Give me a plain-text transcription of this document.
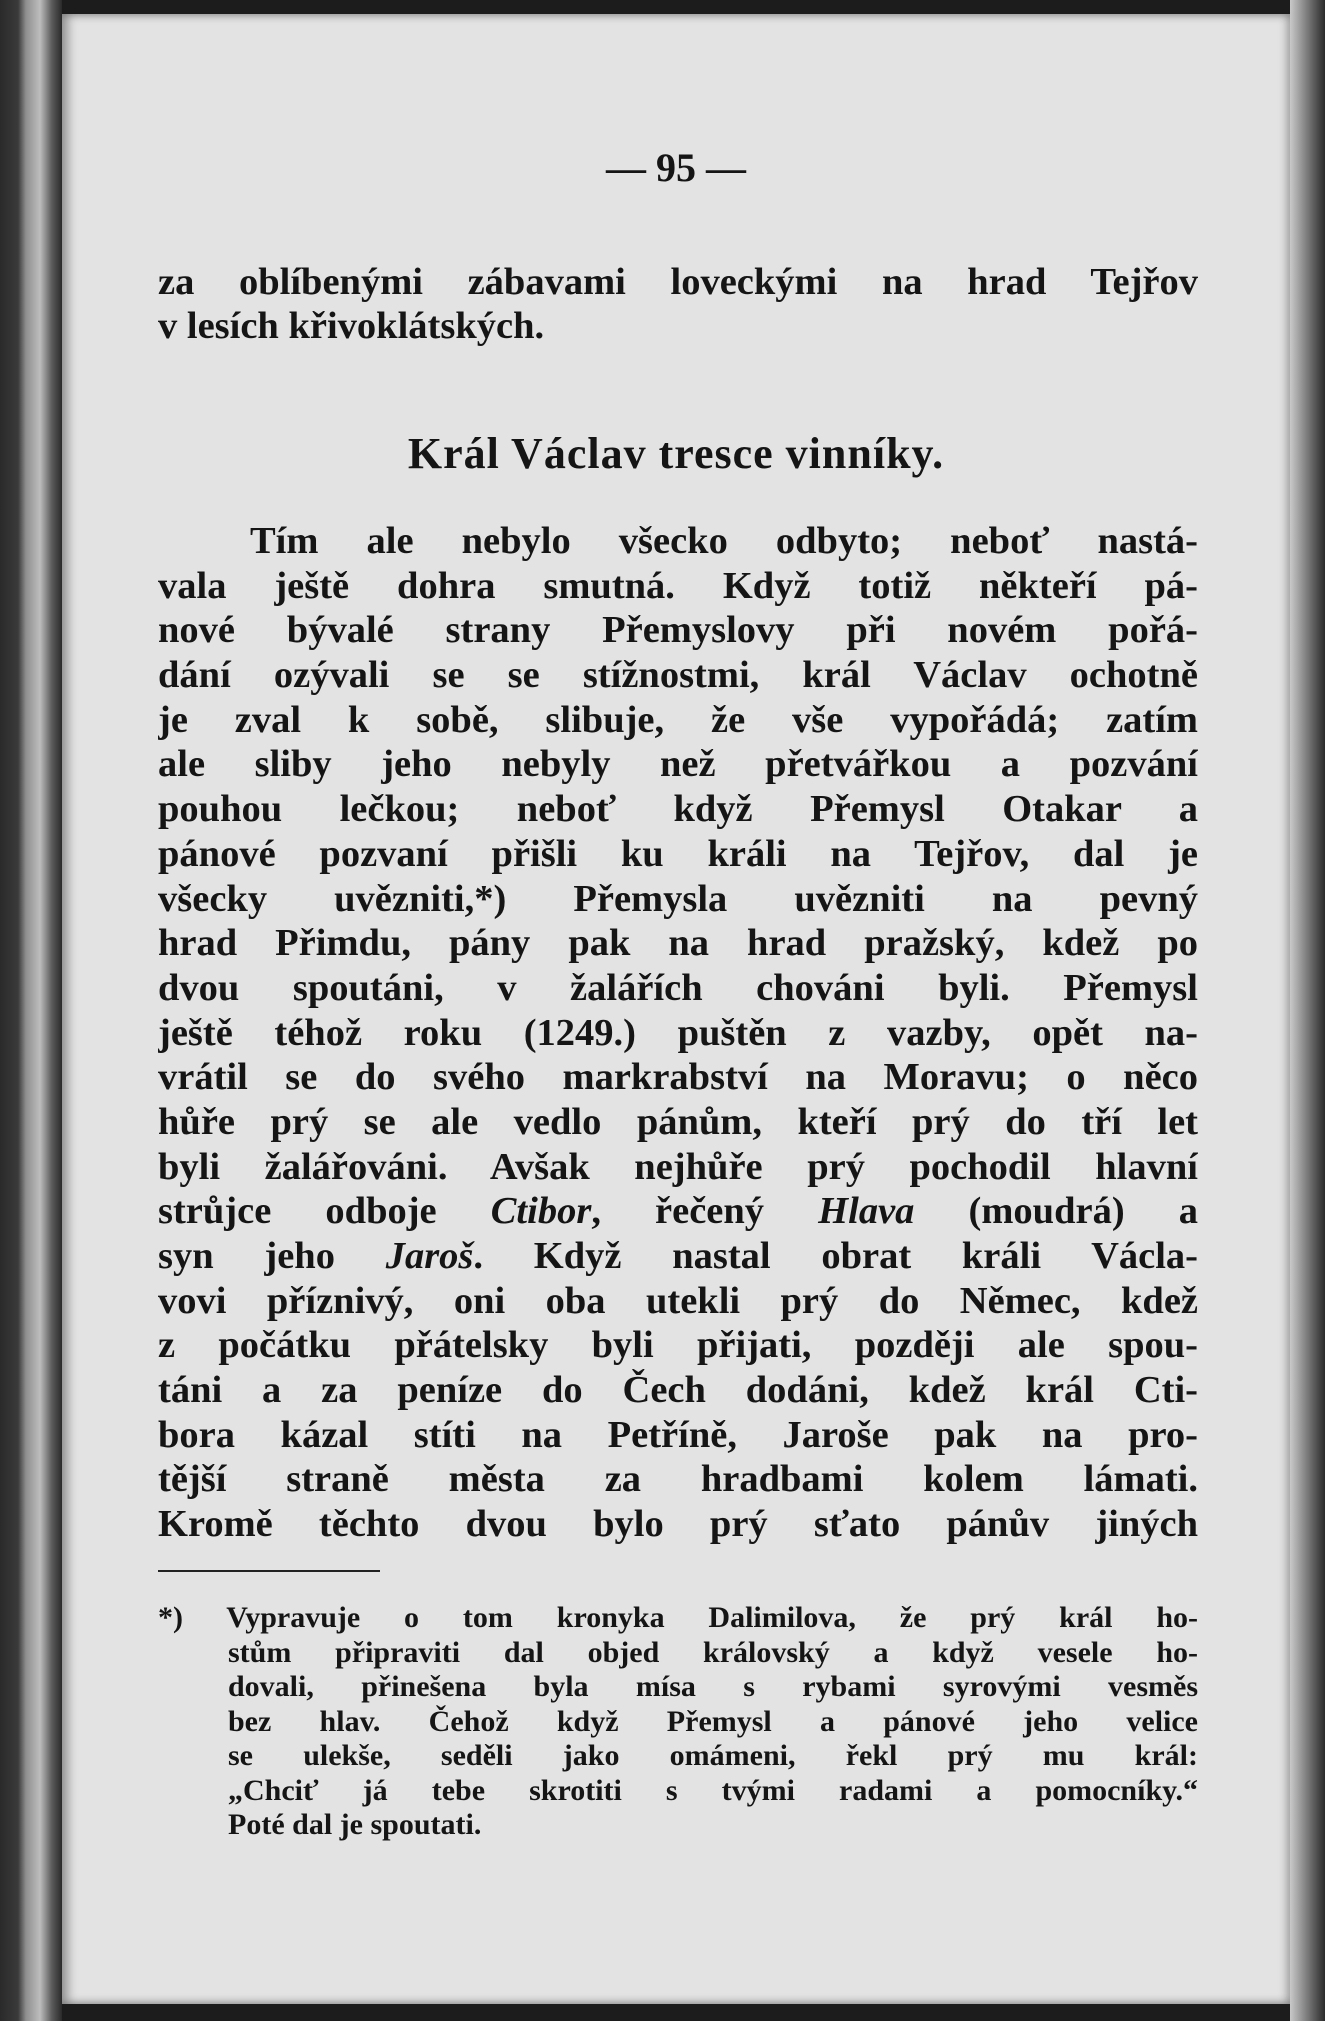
— 95 —
za oblíbenými zábavami loveckými na hrad Tejřov
v lesích křivoklátských.
Král Václav tresce vinníky.
Tím ale nebylo všecko odbyto; neboť nastá-
vala ještě dohra smutná. Když totiž někteří pá-
nové bývalé strany Přemyslovy při novém pořá-
dání ozývali se se stížnostmi, král Václav ochotně
je zval k sobě, slibuje, že vše vypořádá; zatím
ale sliby jeho nebyly než přetvářkou a pozvání
pouhou lečkou; neboť když Přemysl Otakar a
pánové pozvaní přišli ku králi na Tejřov, dal je
všecky uvězniti,*) Přemysla uvězniti na pevný
hrad Přimdu, pány pak na hrad pražský, kdež po
dvou spoutáni, v žalářích chováni byli. Přemysl
ještě téhož roku (1249.) puštěn z vazby, opět na-
vrátil se do svého markrabství na Moravu; o něco
hůře prý se ale vedlo pánům, kteří prý do tří let
byli žalářováni. Avšak nejhůře prý pochodil hlavní
strůjce odboje Ctibor, řečený Hlava (moudrá) a
syn jeho Jaroš. Když nastal obrat králi Václa-
vovi příznivý, oni oba utekli prý do Němec, kdež
z počátku přátelsky byli přijati, později ale spou-
táni a za peníze do Čech dodáni, kdež král Cti-
bora kázal stíti na Petříně, Jaroše pak na pro-
tější straně města za hradbami kolem lámati.
Kromě těchto dvou bylo prý sťato pánův jiných
*) Vypravuje o tom kronyka Dalimilova, že prý král ho-
stům připraviti dal objed královský a když vesele ho-
dovali, přinešena byla mísa s rybami syrovými vesměs
bez hlav. Čehož když Přemysl a pánové jeho velice
se ulekše, seděli jako omámeni, řekl prý mu král:
„Chciť já tebe skrotiti s tvými radami a pomocníky.“
Poté dal je spoutati.
